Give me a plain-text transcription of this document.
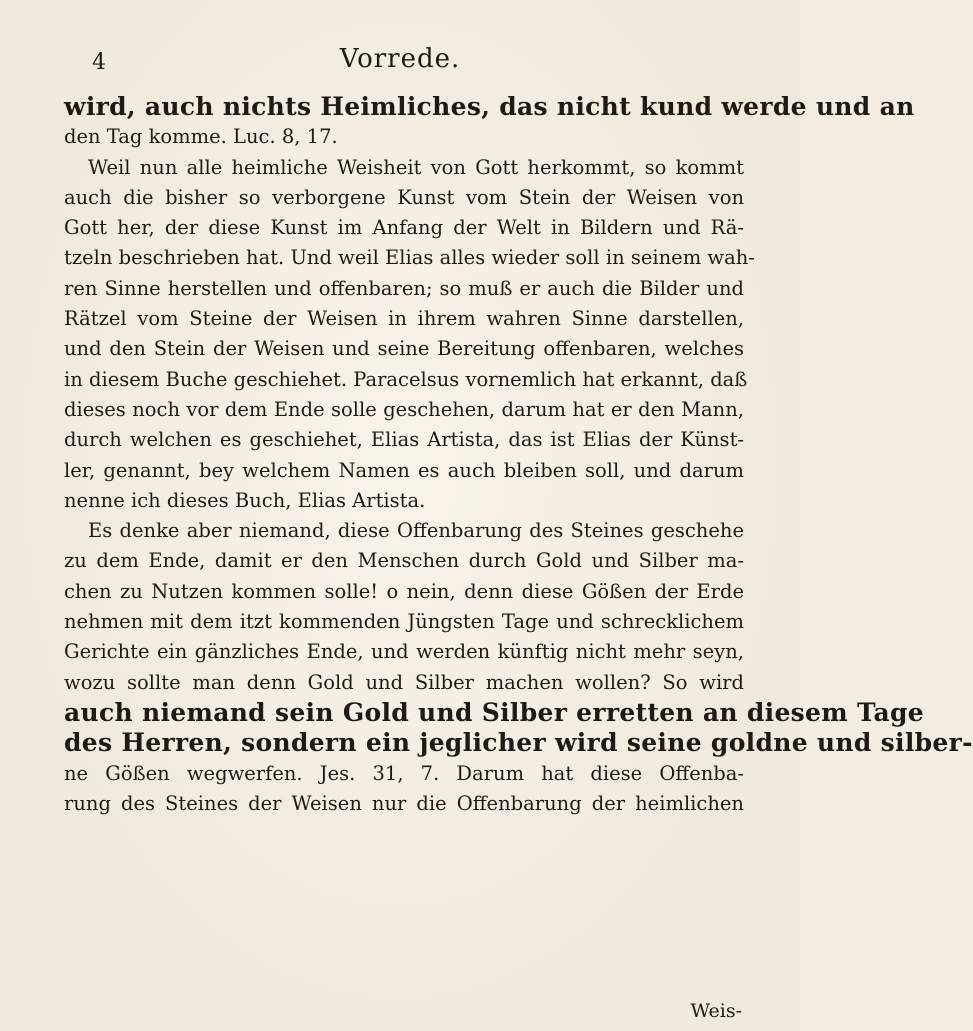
4	Vorrede.
wird, auch nichts Heimliches, das nicht kund werde und an
den Tag komme. Luc. 8, 17.
Weil nun alle heimliche Weisheit von Gott herkommt, so kommt
auch die bisher so verborgene Kunst vom Stein der Weisen von
Gott her, der diese Kunst im Anfang der Welt in Bildern und Rä-
tzeln beschrieben hat. Und weil Elias alles wieder soll in seinem wah-
ren Sinne herstellen und offenbaren; so muß er auch die Bilder und
Rätzel vom Steine der Weisen in ihrem wahren Sinne darstellen,
und den Stein der Weisen und seine Bereitung offenbaren, welches
in diesem Buche geschiehet. Paracelsus vornemlich hat erkannt, daß
dieses noch vor dem Ende solle geschehen, darum hat er den Mann,
durch welchen es geschiehet, Elias Artista, das ist Elias der Künst-
ler, genannt, bey welchem Namen es auch bleiben soll, und darum
nenne ich dieses Buch, Elias Artista.
Es denke aber niemand, diese Offenbarung des Steines geschehe
zu dem Ende, damit er den Menschen durch Gold und Silber ma-
chen zu Nutzen kommen solle! o nein, denn diese Gößen der Erde
nehmen mit dem itzt kommenden Jüngsten Tage und schrecklichem
Gerichte ein gänzliches Ende, und werden künftig nicht mehr seyn,
wozu sollte man denn Gold und Silber machen wollen? So wird
auch niemand sein Gold und Silber erretten an diesem Tage
des Herren, sondern ein jeglicher wird seine goldne und silber-
ne Gößen wegwerfen. Jes. 31, 7. Darum hat diese Offenba-
rung des Steines der Weisen nur die Offenbarung der heimlichen
Weis-
